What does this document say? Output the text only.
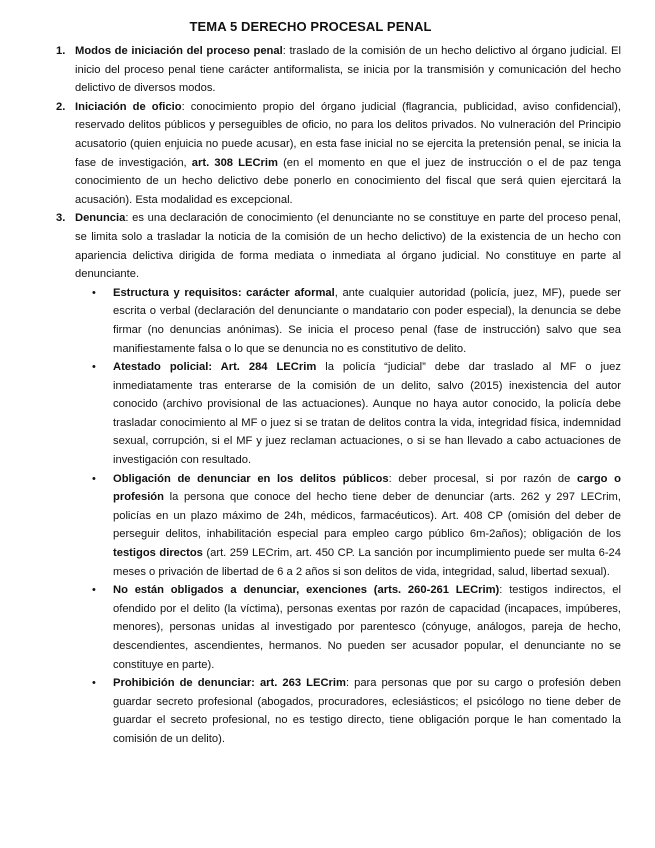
TEMA 5 DERECHO PROCESAL PENAL
1. Modos de iniciación del proceso penal: traslado de la comisión de un hecho delictivo al órgano judicial. El inicio del proceso penal tiene carácter antiformalista, se inicia por la transmisión y comunicación del hecho delictivo de diversos modos.
2. Iniciación de oficio: conocimiento propio del órgano judicial (flagrancia, publicidad, aviso confidencial), reservado delitos públicos y perseguibles de oficio, no para los delitos privados. No vulneración del Principio acusatorio (quien enjuicia no puede acusar), en esta fase inicial no se ejercita la pretensión penal, se inicia la fase de investigación, art. 308 LECrim (en el momento en que el juez de instrucción o el de paz tenga conocimiento de un hecho delictivo debe ponerlo en conocimiento del fiscal que será quien ejercitará la acusación). Esta modalidad es excepcional.
3. Denuncia: es una declaración de conocimiento (el denunciante no se constituye en parte del proceso penal, se limita solo a trasladar la noticia de la comisión de un hecho delictivo) de la existencia de un hecho con apariencia delictiva dirigida de forma mediata o inmediata al órgano judicial. No constituye en parte al denunciante.
• Estructura y requisitos: carácter aformal, ante cualquier autoridad (policía, juez, MF), puede ser escrita o verbal (declaración del denunciante o mandatario con poder especial), la denuncia se debe firmar (no denuncias anónimas). Se inicia el proceso penal (fase de instrucción) salvo que sea manifiestamente falsa o lo que se denuncia no es constitutivo de delito.
• Atestado policial: Art. 284 LECrim la policía “judicial” debe dar traslado al MF o juez inmediatamente tras enterarse de la comisión de un delito, salvo (2015) inexistencia del autor conocido (archivo provisional de las actuaciones). Aunque no haya autor conocido, la policía debe trasladar conocimiento al MF o juez si se tratan de delitos contra la vida, integridad física, indemnidad sexual, corrupción, si el MF y juez reclaman actuaciones, o si se han llevado a cabo actuaciones de investigación con resultado.
• Obligación de denunciar en los delitos públicos: deber procesal, si por razón de cargo o profesión la persona que conoce del hecho tiene deber de denunciar (arts. 262 y 297 LECrim, policías en un plazo máximo de 24h, médicos, farmacéuticos). Art. 408 CP (omisión del deber de perseguir delitos, inhabilitación especial para empleo cargo público 6m-2años); obligación de los testigos directos (art. 259 LECrim, art. 450 CP. La sanción por incumplimiento puede ser multa 6-24 meses o privación de libertad de 6 a 2 años si son delitos de vida, integridad, salud, libertad sexual).
• No están obligados a denunciar, exenciones (arts. 260-261 LECrim): testigos indirectos, el ofendido por el delito (la víctima), personas exentas por razón de capacidad (incapaces, impúberes, menores), personas unidas al investigado por parentesco (cónyuge, análogos, pareja de hecho, descendientes, ascendientes, hermanos. No pueden ser acusador popular, el denunciante no se constituye en parte).
• Prohibición de denunciar: art. 263 LECrim: para personas que por su cargo o profesión deben guardar secreto profesional (abogados, procuradores, eclesiásticos; el psicólogo no tiene deber de guardar el secreto profesional, no es testigo directo, tiene obligación porque le han comentado la comisión de un delito).
